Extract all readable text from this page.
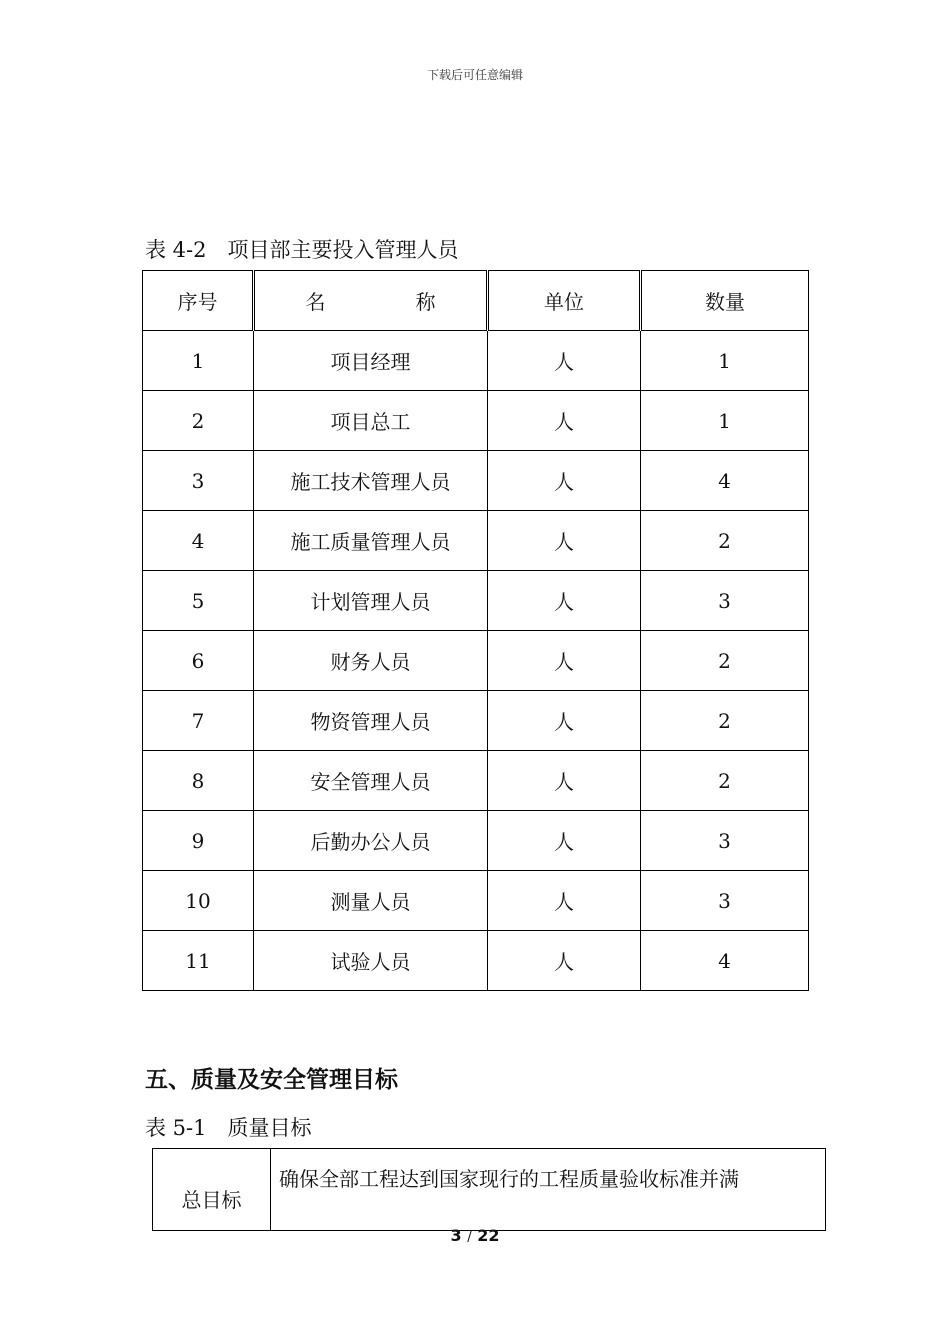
下载后可任意编辑
表 4-2　项目部主要投入管理人员
序号	名 称	单位	数量
1	项目经理	人	1
2	项目总工	人	1
3	施工技术管理人员	人	4
4	施工质量管理人员	人	2
5	计划管理人员	人	3
6	财务人员	人	2
7	物资管理人员	人	2
8	安全管理人员	人	2
9	后勤办公人员	人	3
10	测量人员	人	3
11	试验人员	人	4
五、质量及安全管理目标
表 5-1　质量目标
总目标	确保全部工程达到国家现行的工程质量验收标准并满
3 / 22
